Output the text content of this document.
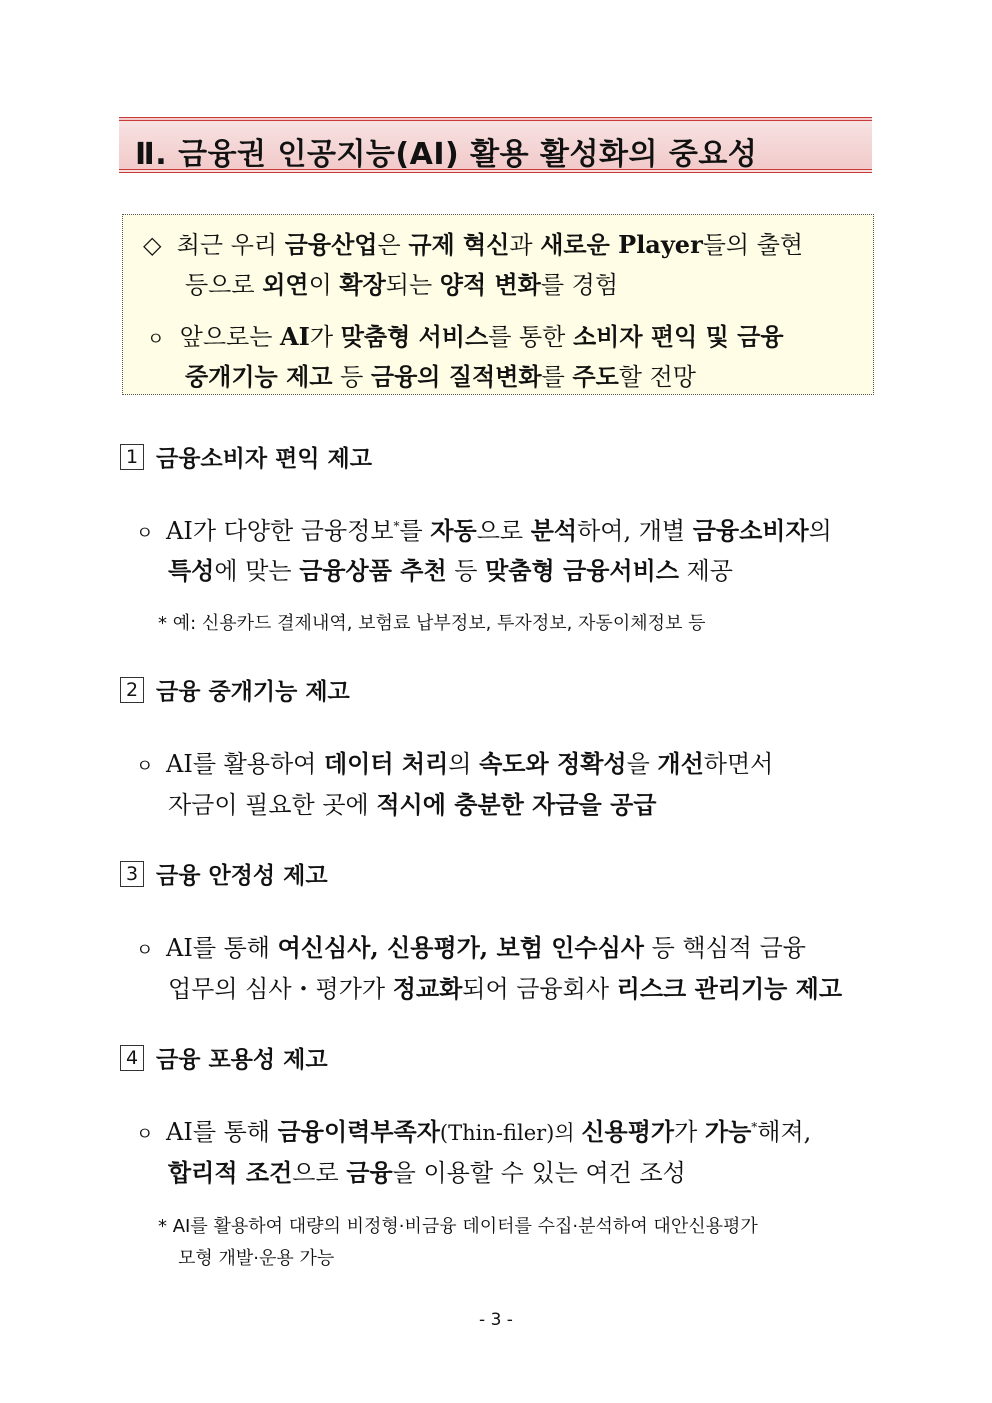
Ⅱ. 금융권 인공지능(AI) 활용 활성화의 중요성
◇ 최근 우리 금융산업은 규제 혁신과 새로운 Player들의 출현
등으로 외연이 확장되는 양적 변화를 경험
ㅇ 앞으로는 AI가 맞춤형 서비스를 통한 소비자 편익 및 금융
중개기능 제고 등 금융의 질적변화를 주도할 전망
1 금융소비자 편익 제고
ㅇ AI가 다양한 금융정보*를 자동으로 분석하여, 개별 금융소비자의
특성에 맞는 금융상품 추천 등 맞춤형 금융서비스 제공
* 예: 신용카드 결제내역, 보험료 납부정보, 투자정보, 자동이체정보 등
2 금융 중개기능 제고
ㅇ AI를 활용하여 데이터 처리의 속도와 정확성을 개선하면서
자금이 필요한 곳에 적시에 충분한 자금을 공급
3 금융 안정성 제고
ㅇ AI를 통해 여신심사, 신용평가, 보험 인수심사 등 핵심적 금융
업무의 심사・평가가 정교화되어 금융회사 리스크 관리기능 제고
4 금융 포용성 제고
ㅇ AI를 통해 금융이력부족자(Thin-filer)의 신용평가가 가능*해져,
합리적 조건으로 금융을 이용할 수 있는 여건 조성
* AI를 활용하여 대량의 비정형·비금융 데이터를 수집·분석하여 대안신용평가
모형 개발·운용 가능
- 3 -
